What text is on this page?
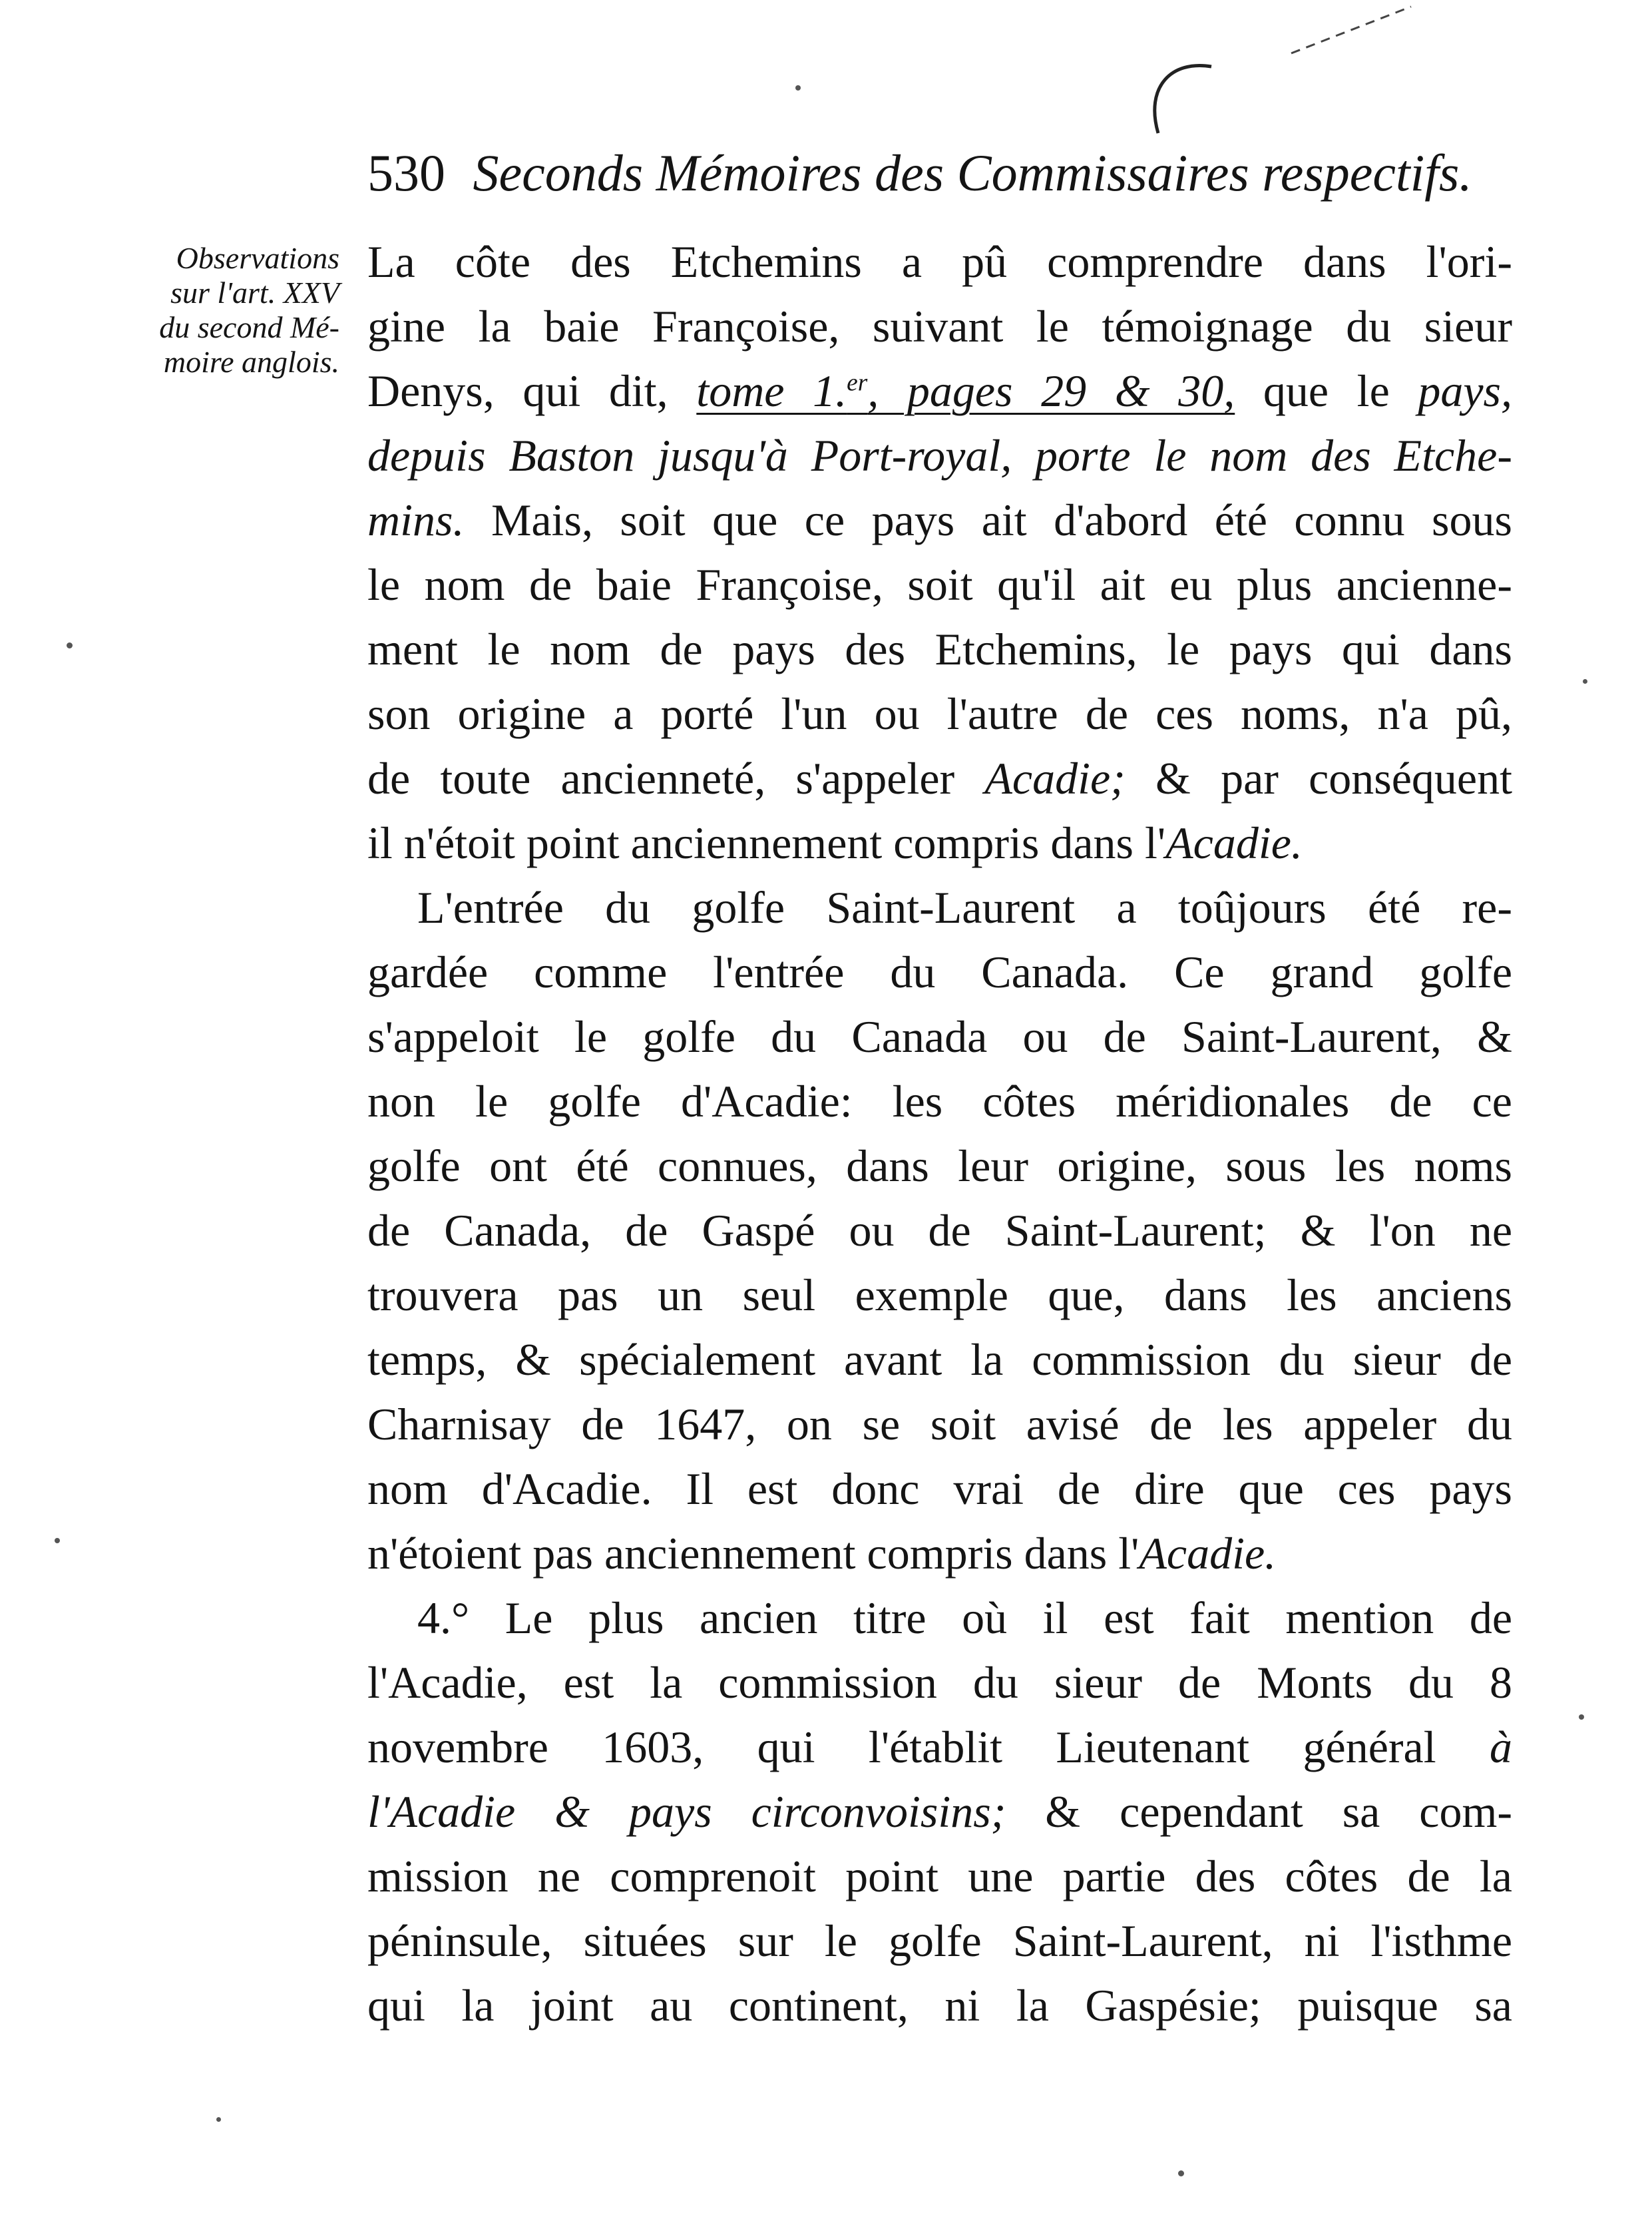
530 Seconds Mémoires des Commissaires respectifs.
Observations
sur l'art. XXV
du second Mé-
moire anglois.
La côte des Etchemins a pû comprendre dans l'ori-
gine la baie Françoise, suivant le témoignage du sieur
Denys, qui dit, tome 1.$^{er}$, pages 29 & 30, que le pays,
depuis Baston jusqu'à Port-royal, porte le nom des Etche-
mins. Mais, soit que ce pays ait d'abord été connu sous
le nom de baie Françoise, soit qu'il ait eu plus anciennе-
ment le nom de pays des Etchemins, le pays qui dans
son origine a porté l'un ou l'autre de ces noms, n'a pû,
de toute ancienneté, s'appeler Acadie; & par conséquent
il n'étoit point anciennement compris dans l'Acadie.
L'entrée du golfe Saint-Laurent a toûjours été re-
gardée comme l'entrée du Canada. Ce grand golfe
s'appeloit le golfe du Canada ou de Saint-Laurent, &
non le golfe d'Acadie: les côtes méridionales de ce
golfe ont été connues, dans leur origine, sous les noms
de Canada, de Gaspé ou de Saint-Laurent; & l'on ne
trouvera pas un seul exemple que, dans les anciens
temps, & spécialement avant la commission du sieur de
Charnisay de 1647, on se soit avisé de les appeler du
nom d'Acadie. Il est donc vrai de dire que ces pays
n'étoient pas anciennement compris dans l'Acadie.
4.° Le plus ancien titre où il est fait mention de
l'Acadie, est la commission du sieur de Monts du 8
novembre 1603, qui l'établit Lieutenant général à
l'Acadie & pays circonvoisins; & cependant sa com-
mission ne comprenoit point une partie des côtes de la
péninsule, situées sur le golfe Saint-Laurent, ni l'isthme
qui la joint au continent, ni la Gaspésie; puisque sa
